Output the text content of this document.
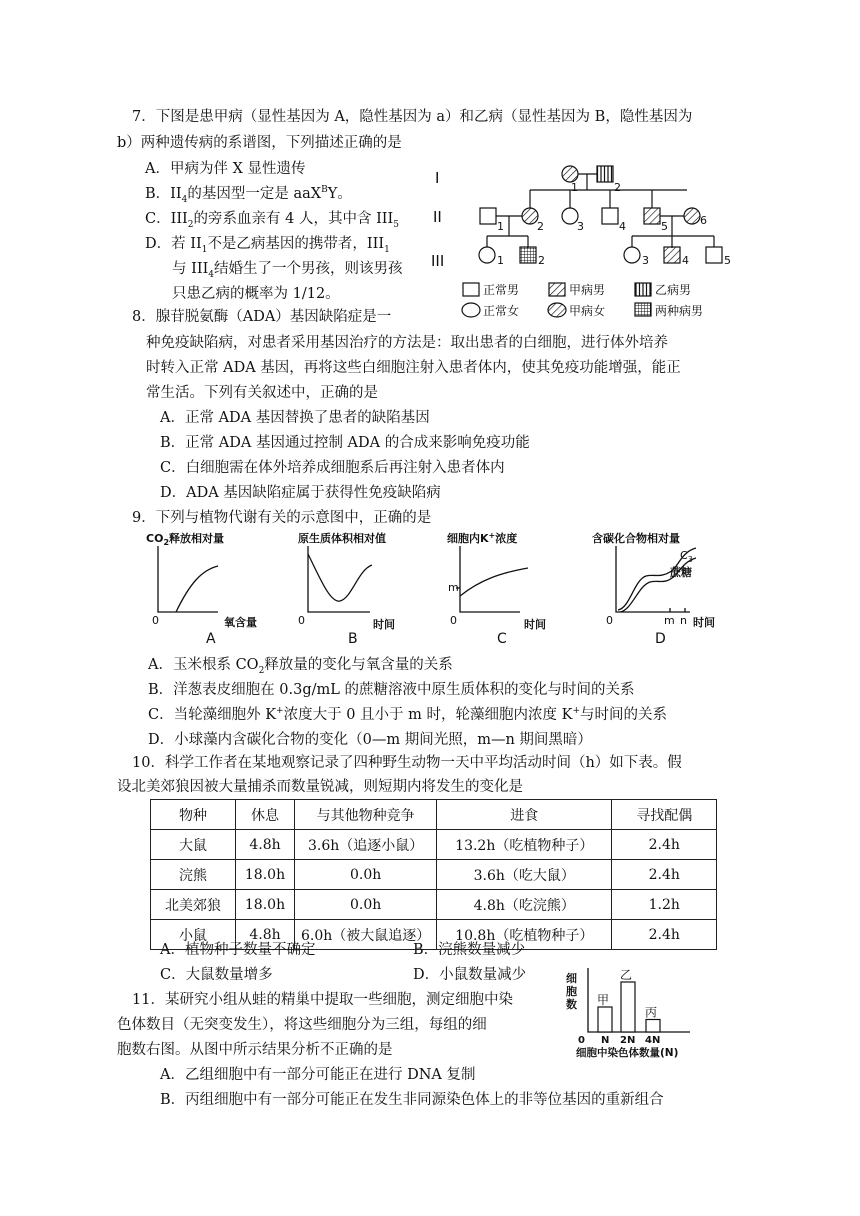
7．下图是患甲病（显性基因为 A，隐性基因为 a）和乙病（显性基因为 B，隐性基因为
b）两种遗传病的系谱图，下列描述正确的是
A．甲病为伴 X 显性遗传
B．$II_4$的基因型一定是 aaX$^B$Y。
C．$III_2$的旁系血亲有 4 人，其中含 $III_5$
D．若 $II_1$不是乙病基因的携带者，$III_1$
与 $III_4$结婚生了一个男孩，则该男孩
只患乙病的概率为 1/12。
I
II
III
1	2
1	2	3	4	5	6
1	2	3	4	5
正常男	甲病男	乙病男
正常女	甲病女	两种病男
8．腺苷脱氨酶（ADA）基因缺陷症是一
种免疫缺陷病，对患者采用基因治疗的方法是：取出患者的白细胞，进行体外培养
时转入正常 ADA 基因，再将这些白细胞注射入患者体内，使其免疫功能增强，能正
常生活。下列有关叙述中，正确的是
A．正常 ADA 基因替换了患者的缺陷基因
B．正常 ADA 基因通过控制 ADA 的合成来影响免疫功能
C．白细胞需在体外培养成细胞系后再注射入患者体内
D．ADA 基因缺陷症属于获得性免疫缺陷病
9．下列与植物代谢有关的示意图中，正确的是
$CO_2$释放相对量
0	氧含量
A
原生质体积相对值
0	时间
B
细胞内K+浓度
m
0	时间
C
含碳化合物相对量
$C_3$
蔗糖
0	m n 时间
D
A．玉米根系 $CO_2$释放量的变化与氧含量的关系
B．洋葱表皮细胞在 0.3g/mL 的蔗糖溶液中原生质体积的变化与时间的关系
C．当轮藻细胞外 K+浓度大于 0 且小于 m 时，轮藻细胞内浓度 K+与时间的关系
D．小球藻内含碳化合物的变化（0—m 期间光照，m—n 期间黑暗）
10．科学工作者在某地观察记录了四种野生动物一天中平均活动时间（h）如下表。假
设北美郊狼因被大量捕杀而数量锐减，则短期内将发生的变化是
物种	休息	与其他物种竞争	进食	寻找配偶
大鼠	4.8h	3.6h（追逐小鼠）	13.2h（吃植物种子）	2.4h
浣熊	18.0h	0.0h	3.6h（吃大鼠）	2.4h
北美郊狼	18.0h	0.0h	4.8h（吃浣熊）	1.2h
小鼠	4.8h	6.0h（被大鼠追逐）	10.8h（吃植物种子）	2.4h
A．植物种子数量不确定	B．浣熊数量减少
C．大鼠数量增多	D．小鼠数量减少
11．某研究小组从蛙的精巢中提取一些细胞，测定细胞中染
色体数目（无突变发生），将这些细胞分为三组，每组的细
胞数右图。从图中所示结果分析不正确的是
A．乙组细胞中有一部分可能正在进行 DNA 复制
B．丙组细胞中有一部分可能正在发生非同源染色体上的非等位基因的重新组合
细胞数 甲
乙
丙
N 2N 4N
0
细胞中染色体数量(N)
